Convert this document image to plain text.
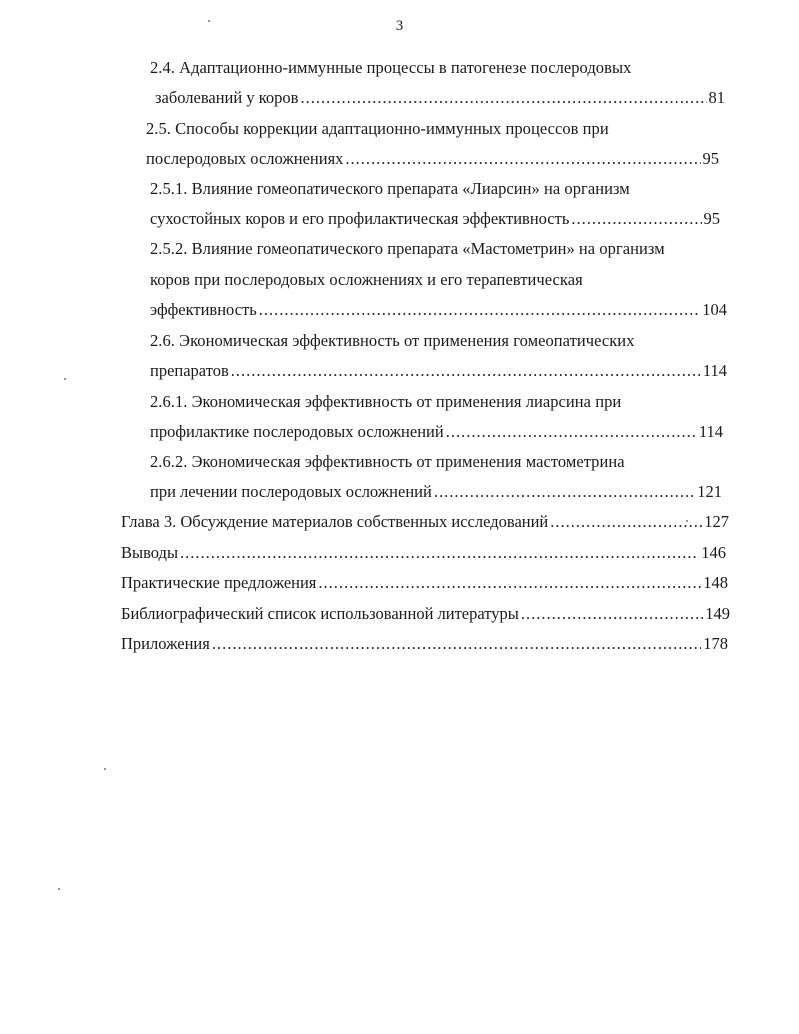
3
2.4. Адаптационно-иммунные процессы в патогенезе послеродовых
заболеваний у коров .....	81
2.5. Способы коррекции адаптационно-иммунных процессов при
послеродовых осложнениях .....	95
2.5.1. Влияние гомеопатического препарата «Лиарсин» на организм
сухостойных коров и его профилактическая эффективность .....	95
2.5.2. Влияние гомеопатического препарата «Мастометрин» на организм
коров при послеродовых осложнениях и его терапевтическая
эффективность .....	104
2.6. Экономическая эффективность от применения гомеопатических
препаратов .....	114
2.6.1. Экономическая эффективность от применения лиарсина при
профилактике послеродовых осложнений .....	114
2.6.2. Экономическая эффективность от применения мастометрина
при лечении послеродовых осложнений .....	121
Глава 3. Обсуждение материалов собственных исследований .....	127
Выводы .....	146
Практические предложения .....	148
Библиографический список использованной литературы .....	149
Приложения .....	178
